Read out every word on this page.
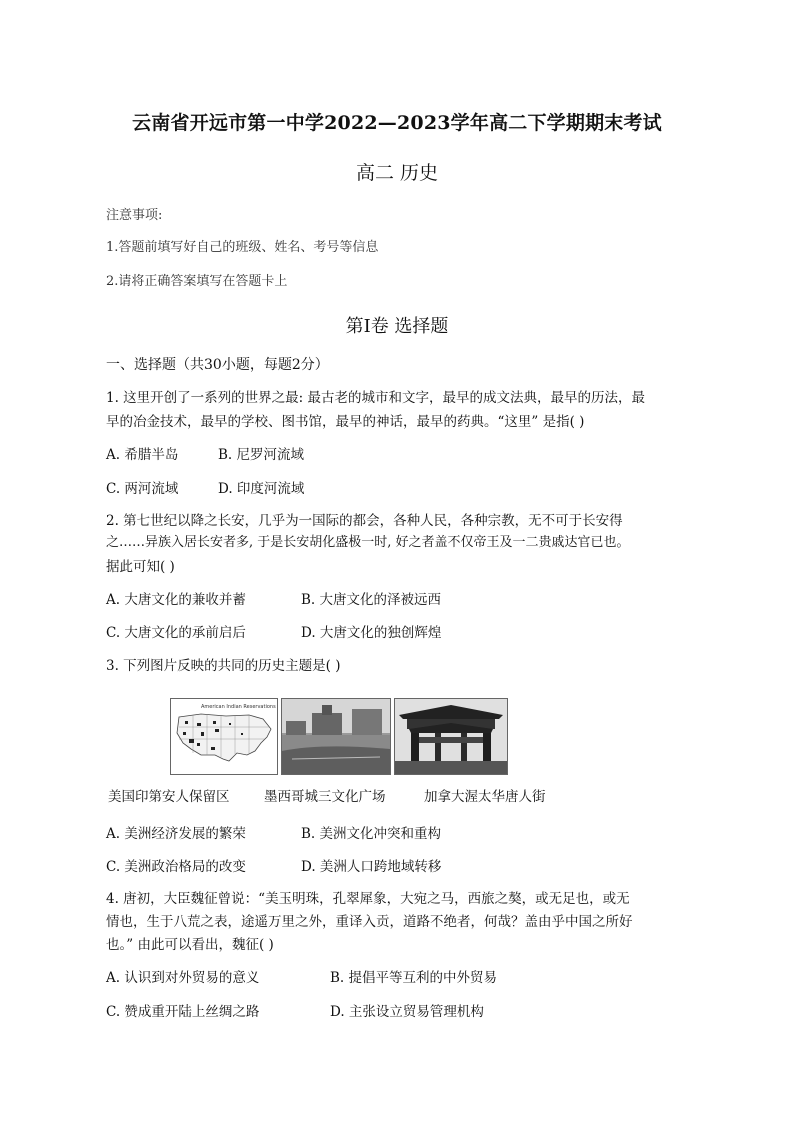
云南省开远市第一中学2022—2023学年高二下学期期末考试
高二 历史
注意事项:
1.答题前填写好自己的班级、姓名、考号等信息
2.请将正确答案填写在答题卡上
第Ⅰ卷 选择题
一、选择题（共30小题，每题2分）
1. 这里开创了一系列的世界之最: 最古老的城市和文字，最早的成文法典，最早的历法，最
早的冶金技术，最早的学校、图书馆，最早的神话，最早的药典。“这里” 是指( )
A. 希腊半岛	B. 尼罗河流域
C. 两河流域	D. 印度河流域
2. 第七世纪以降之长安，几乎为一国际的都会，各种人民，各种宗教，无不可于长安得
之……异族入居长安者多, 于是长安胡化盛极一时, 好之者盖不仅帝王及一二贵戚达官已也。
据此可知( )
A. 大唐文化的兼收并蓄	B. 大唐文化的泽被远西
C. 大唐文化的承前启后	D. 大唐文化的独创辉煌
3. 下列图片反映的共同的历史主题是( )
American Indian Reservations
美国印第安人保留区	墨西哥城三文化广场	加拿大渥太华唐人街
A. 美洲经济发展的繁荣	B. 美洲文化冲突和重构
C. 美洲政治格局的改变	D. 美洲人口跨地域转移
4. 唐初，大臣魏征曾说：“美玉明珠，孔翠犀象，大宛之马，西旅之獒，或无足也，或无
情也，生于八荒之表，途遥万里之外，重译入贡，道路不绝者，何哉？盖由乎中国之所好
也。” 由此可以看出，魏征( )
A. 认识到对外贸易的意义	B. 提倡平等互利的中外贸易
C. 赞成重开陆上丝绸之路	D. 主张设立贸易管理机构
